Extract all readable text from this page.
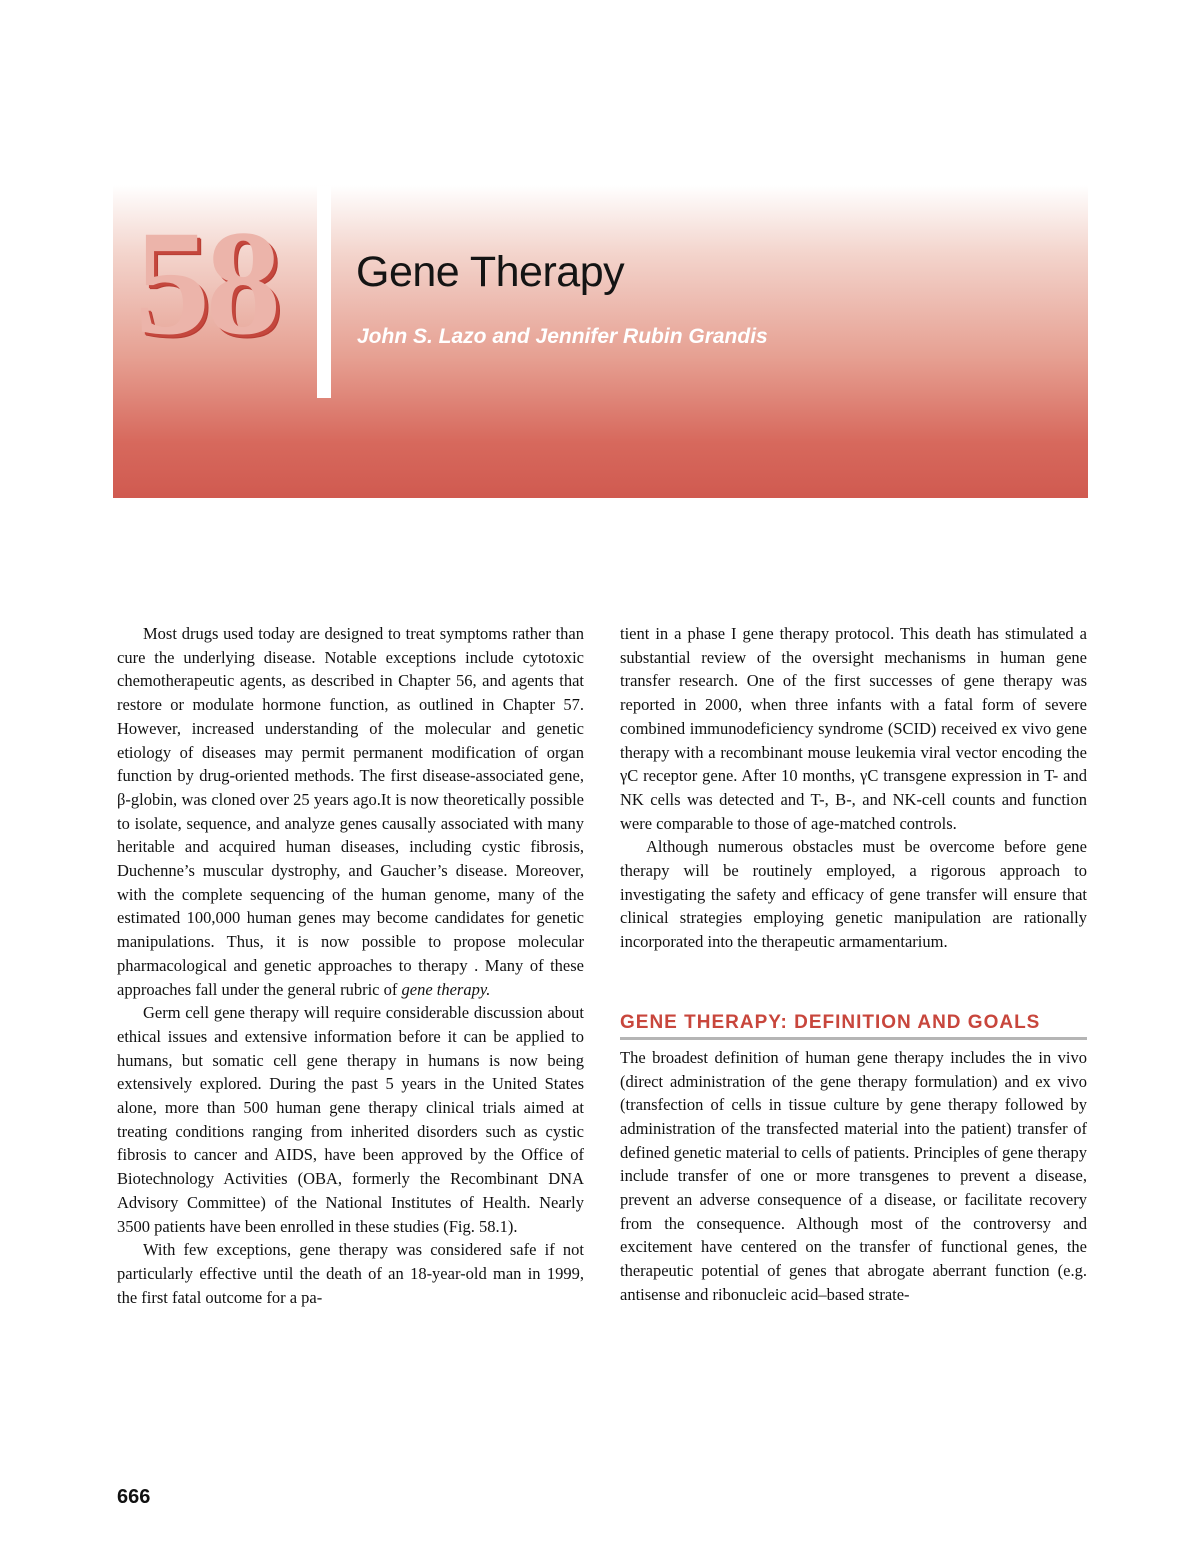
58 Gene Therapy
John S. Lazo and Jennifer Rubin Grandis

Most drugs used today are designed to treat symptoms rather than cure the underlying disease. Notable exceptions include cytotoxic chemotherapeutic agents, as described in Chapter 56, and agents that restore or modulate hormone function, as outlined in Chapter 57. However, increased understanding of the molecular and genetic etiology of diseases may permit permanent modification of organ function by drug-oriented methods. The first disease-associated gene, β-globin, was cloned over 25 years ago.It is now theoretically possible to isolate, sequence, and analyze genes causally associated with many heritable and acquired human diseases, including cystic fibrosis, Duchenne’s muscular dystrophy, and Gaucher’s disease. Moreover, with the complete sequencing of the human genome, many of the estimated 100,000 human genes may become candidates for genetic manipulations. Thus, it is now possible to propose molecular pharmacological and genetic approaches to therapy . Many of these approaches fall under the general rubric of gene therapy.

Germ cell gene therapy will require considerable discussion about ethical issues and extensive information before it can be applied to humans, but somatic cell gene therapy in humans is now being extensively explored. During the past 5 years in the United States alone, more than 500 human gene therapy clinical trials aimed at treating conditions ranging from inherited disorders such as cystic fibrosis to cancer and AIDS, have been approved by the Office of Biotechnology Activities (OBA, formerly the Recombinant DNA Advisory Committee) of the National Institutes of Health. Nearly 3500 patients have been enrolled in these studies (Fig. 58.1).

With few exceptions, gene therapy was considered safe if not particularly effective until the death of an 18-year-old man in 1999, the first fatal outcome for a pa-

tient in a phase I gene therapy protocol. This death has stimulated a substantial review of the oversight mechanisms in human gene transfer research. One of the first successes of gene therapy was reported in 2000, when three infants with a fatal form of severe combined immunodeficiency syndrome (SCID) received ex vivo gene therapy with a recombinant mouse leukemia viral vector encoding the γC receptor gene. After 10 months, γC transgene expression in T- and NK cells was detected and T-, B-, and NK-cell counts and function were comparable to those of age-matched controls.

Although numerous obstacles must be overcome before gene therapy will be routinely employed, a rigorous approach to investigating the safety and efficacy of gene transfer will ensure that clinical strategies employing genetic manipulation are rationally incorporated into the therapeutic armamentarium.

GENE THERAPY: DEFINITION AND GOALS

The broadest definition of human gene therapy includes the in vivo (direct administration of the gene therapy formulation) and ex vivo (transfection of cells in tissue culture by gene therapy followed by administration of the transfected material into the patient) transfer of defined genetic material to cells of patients. Principles of gene therapy include transfer of one or more transgenes to prevent a disease, prevent an adverse consequence of a disease, or facilitate recovery from the consequence. Although most of the controversy and excitement have centered on the transfer of functional genes, the therapeutic potential of genes that abrogate aberrant function (e.g. antisense and ribonucleic acid–based strate-

666
